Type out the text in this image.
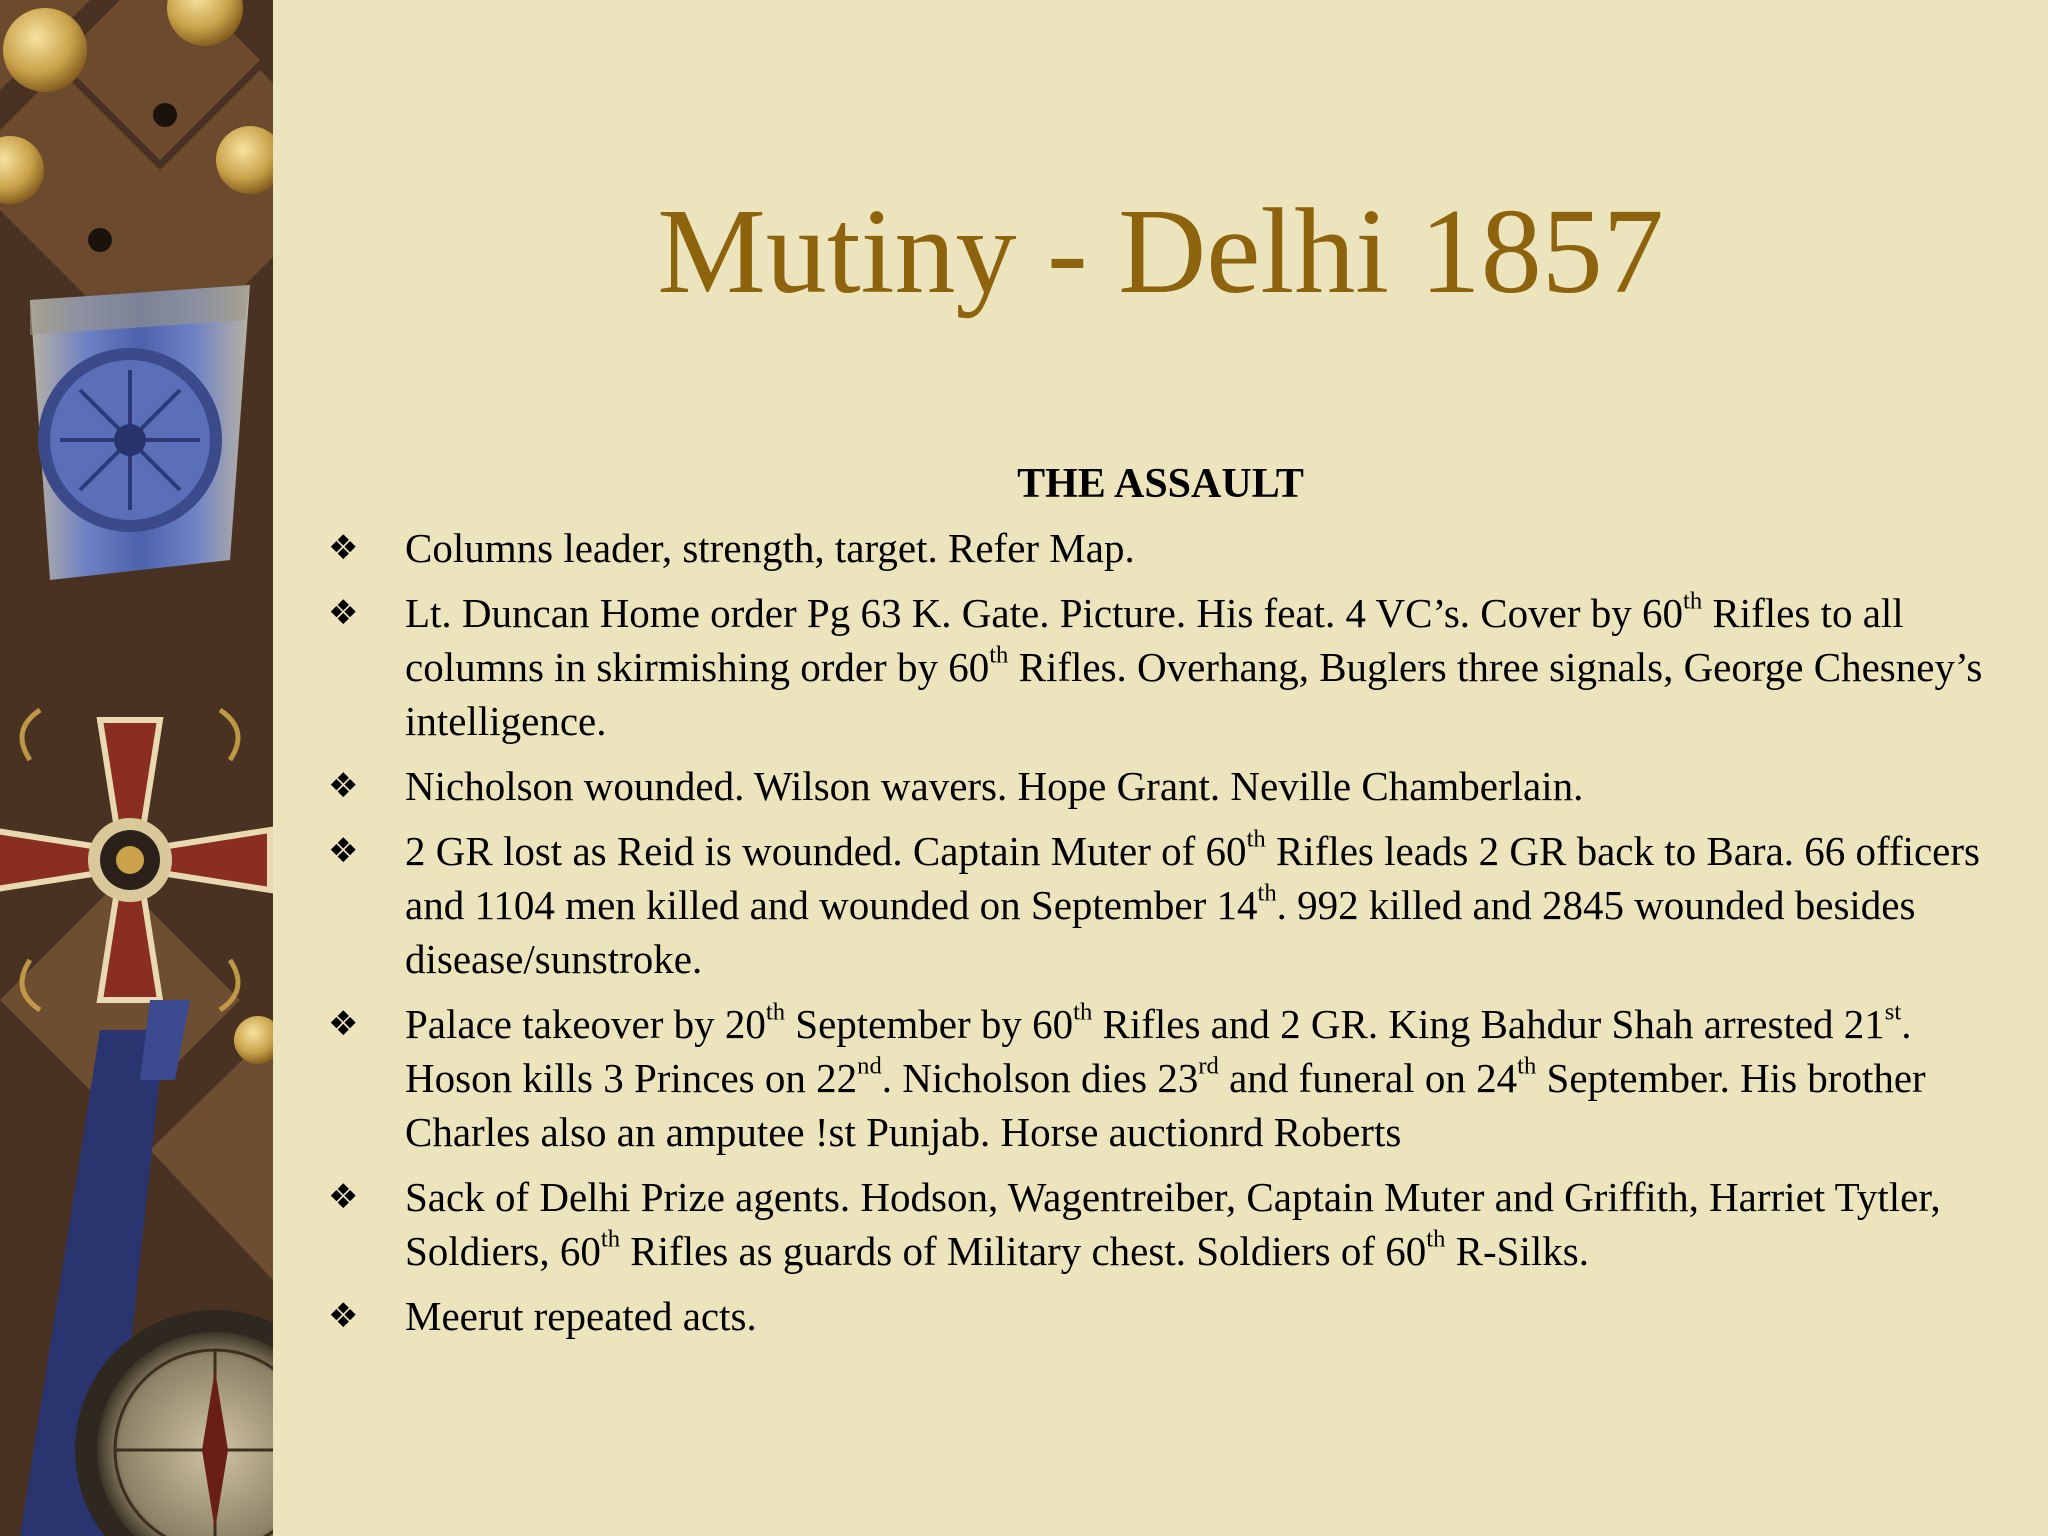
Mutiny - Delhi 1857
THE ASSAULT
❖ Columns leader, strength, target. Refer Map.
❖ Lt. Duncan Home order Pg 63 K. Gate. Picture. His feat. 4 VC’s. Cover by 60th Rifles to all columns in skirmishing order by 60th Rifles. Overhang, Buglers three signals, George Chesney’s intelligence.
❖ Nicholson wounded. Wilson wavers. Hope Grant. Neville Chamberlain.
❖ 2 GR lost as Reid is wounded. Captain Muter of 60th Rifles leads 2 GR back to Bara. 66 officers and 1104 men killed and wounded on September 14th. 992 killed and 2845 wounded besides disease/sunstroke.
❖ Palace takeover by 20th September by 60th Rifles and 2 GR. King Bahdur Shah arrested 21st. Hoson kills 3 Princes on 22nd. Nicholson dies 23rd and funeral on 24th September. His brother Charles also an amputee !st Punjab. Horse auctionrd Roberts
❖ Sack of Delhi Prize agents. Hodson, Wagentreiber, Captain Muter and Griffith, Harriet Tytler, Soldiers, 60th Rifles as guards of Military chest. Soldiers of 60th R-Silks.
❖ Meerut repeated acts.
